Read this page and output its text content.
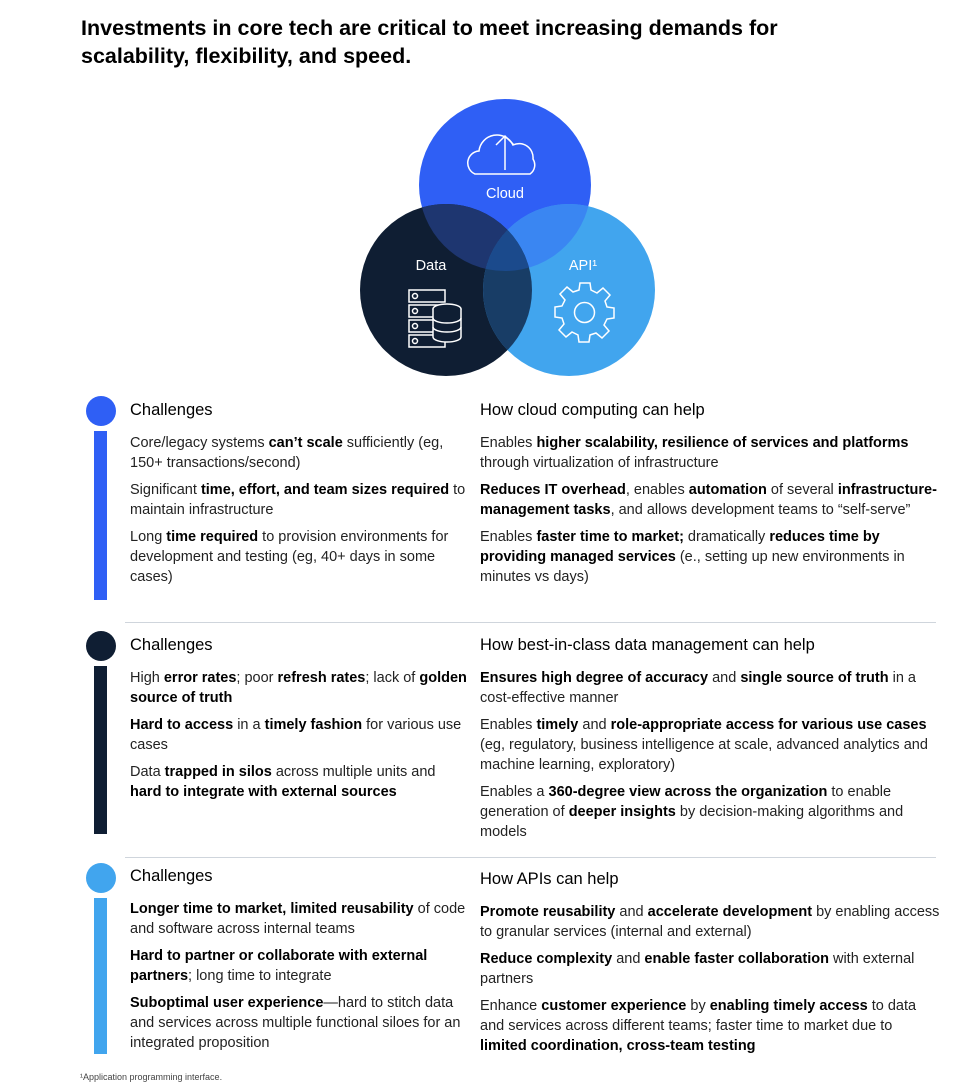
Investments in core tech are critical to meet increasing demands for scalability, flexibility, and speed.
Cloud
Data	API¹
Challenges

Core/legacy systems can’t scale sufficiently (eg, 150+ transactions/second)

Significant time, effort, and team sizes required to maintain infrastructure

Long time required to provision environments for development and testing (eg, 40+ days in some cases)

How cloud computing can help

Enables higher scalability, resilience of services and platforms through virtualization of infrastructure

Reduces IT overhead, enables automation of several infrastructure-management tasks, and allows development teams to “self-serve”

Enables faster time to market; dramatically reduces time by providing managed services (e., setting up new environments in minutes vs days)

Challenges

High error rates; poor refresh rates; lack of golden source of truth

Hard to access in a timely fashion for various use cases

Data trapped in silos across multiple units and hard to integrate with external sources

How best-in-class data management can help

Ensures high degree of accuracy and single source of truth in a cost-effective manner

Enables timely and role-appropriate access for various use cases (eg, regulatory, business intelligence at scale, advanced analytics and machine learning, exploratory)

Enables a 360-degree view across the organization to enable generation of deeper insights by decision-making algorithms and models

Challenges

Longer time to market, limited reusability of code and software across internal teams

Hard to partner or collaborate with external partners; long time to integrate

Suboptimal user experience—hard to stitch data and services across multiple functional siloes for an integrated proposition

How APIs can help

Promote reusability and accelerate development by enabling access to granular services (internal and external)

Reduce complexity and enable faster collaboration with external partners

Enhance customer experience by enabling timely access to data and services across different teams; faster time to market due to limited coordination, cross-team testing

¹Application programming interface.
